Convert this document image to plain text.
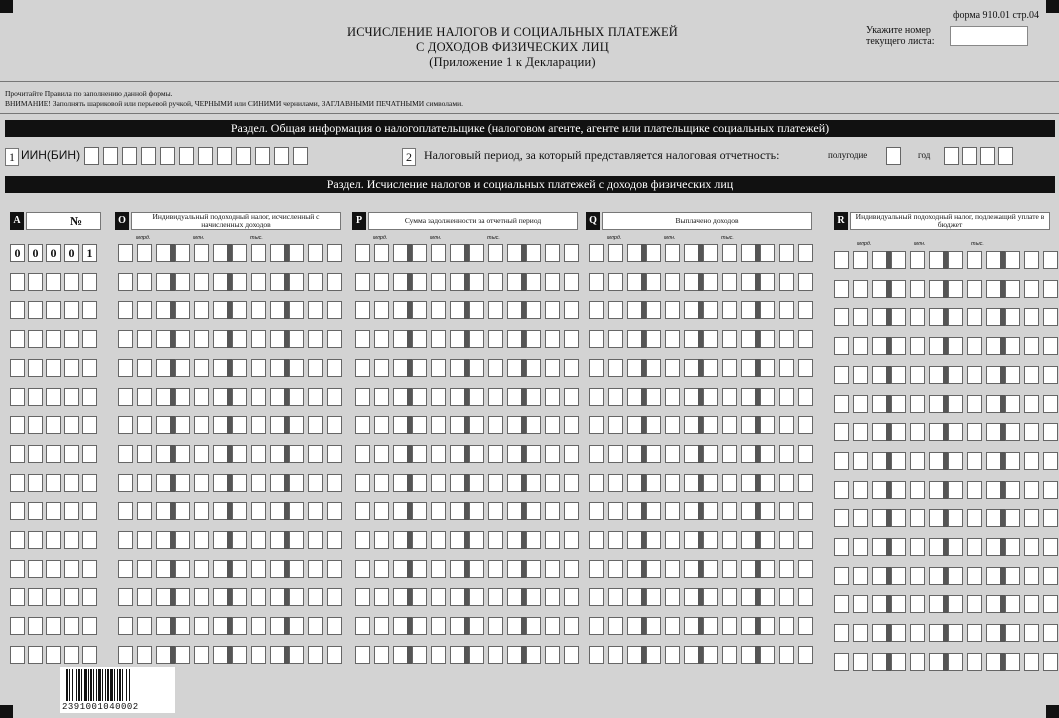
форма 910.01 стр.04
ИСЧИСЛЕНИЕ НАЛОГОВ И СОЦИАЛЬНЫХ ПЛАТЕЖЕЙ
С ДОХОДОВ ФИЗИЧЕСКИХ ЛИЦ
(Приложение 1 к Декларации)
Укажите номер
текущего листа:
Прочитайте Правила по заполнению данной формы.
ВНИМАНИЕ! Заполнять шариковой или перьевой ручкой, ЧЕРНЫМИ или СИНИМИ чернилами, ЗАГЛАВНЫМИ ПЕЧАТНЫМИ символами.
Раздел. Общая информация о налогоплательщике (налоговом агенте, агенте или плательщике социальных платежей)
1 ИИН(БИН)	2	Налоговый период, за который представляется налоговая отчетность:	полугодие	год
Раздел. Исчисление налогов и социальных платежей с доходов физических лиц
A	№	O	Индивидуальный подоходный налог, исчисленный с начисленных доходов	P	Сумма задолженности за отчетный период	Q	Выплачено доходов	R	Индивидуальный подоходный налог, подлежащий уплате в бюджет
млрд.	млн.	тыс.	млрд.	млн.	тыс.	млрд.	млн.	тыс.
млрд.	млн.	тыс.
0	0	0	0	1
2391001040002
